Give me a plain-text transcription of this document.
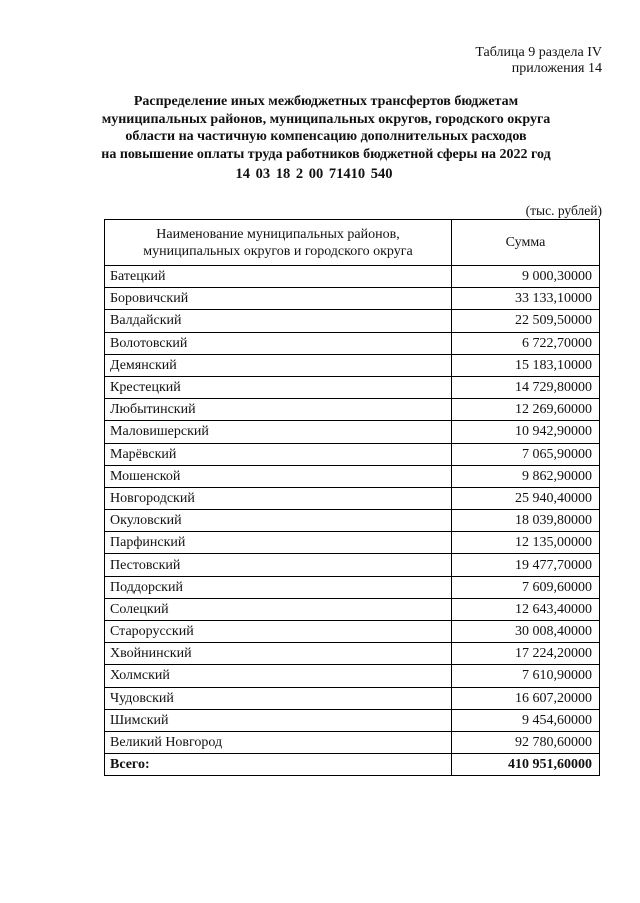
Таблица 9 раздела IV
приложения 14
Распределение иных межбюджетных трансфертов бюджетам
муниципальных районов, муниципальных округов, городского округа
области на частичную компенсацию дополнительных расходов
на повышение оплаты труда работников бюджетной сферы на 2022 год
14 03 18 2 00 71410 540
(тыс. рублей)
Наименование муниципальных районов,
муниципальных округов и городского округа	Сумма
Батецкий	9 000,30000
Боровичский	33 133,10000
Валдайский	22 509,50000
Волотовский	6 722,70000
Демянский	15 183,10000
Крестецкий	14 729,80000
Любытинский	12 269,60000
Маловишерский	10 942,90000
Марёвский	7 065,90000
Мошенской	9 862,90000
Новгородский	25 940,40000
Окуловский	18 039,80000
Парфинский	12 135,00000
Пестовский	19 477,70000
Поддорский	7 609,60000
Солецкий	12 643,40000
Старорусский	30 008,40000
Хвойнинский	17 224,20000
Холмский	7 610,90000
Чудовский	16 607,20000
Шимский	9 454,60000
Великий Новгород	92 780,60000
Всего:	410 951,60000
